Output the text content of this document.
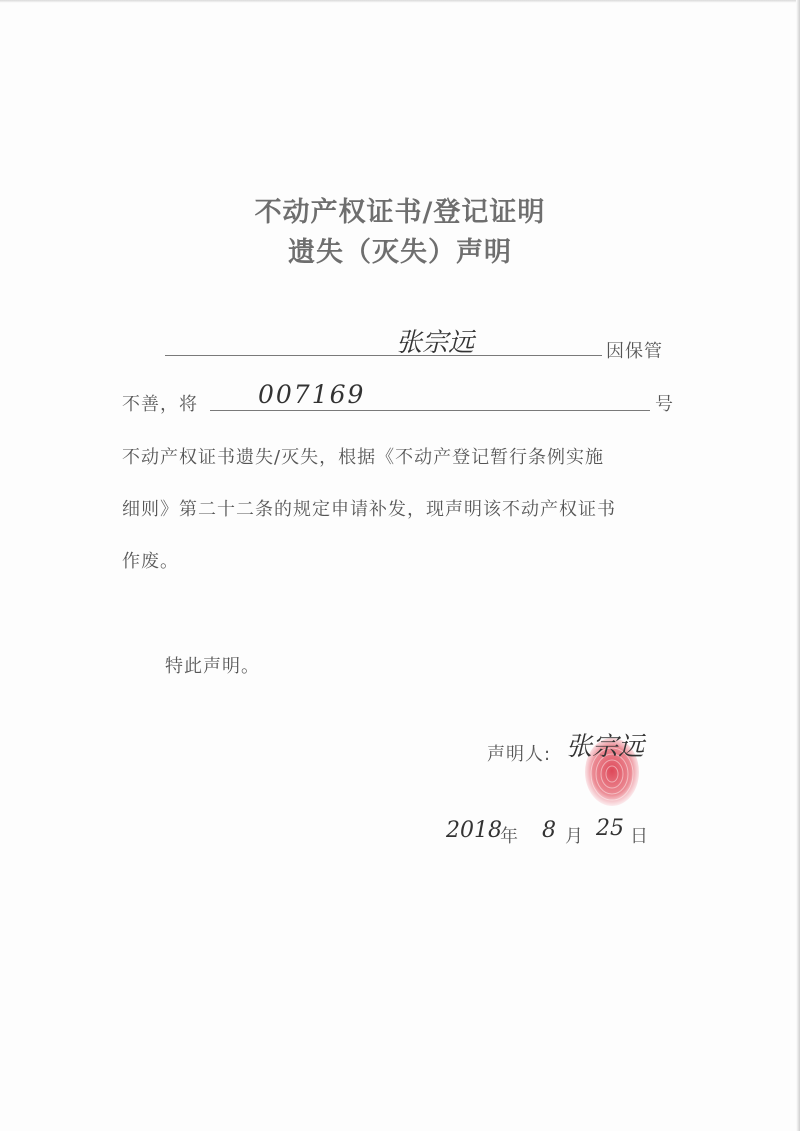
不动产权证书/登记证明
遗失（灭失）声明
张宗远	因保管
不善，将 007169	号
不动产权证书遗失/灭失，根据《不动产登记暂行条例实施
细则》第二十二条的规定申请补发，现声明该不动产权证书
作废。
特此声明。
声明人: 张宗远
2018
年 8 月 25 日
